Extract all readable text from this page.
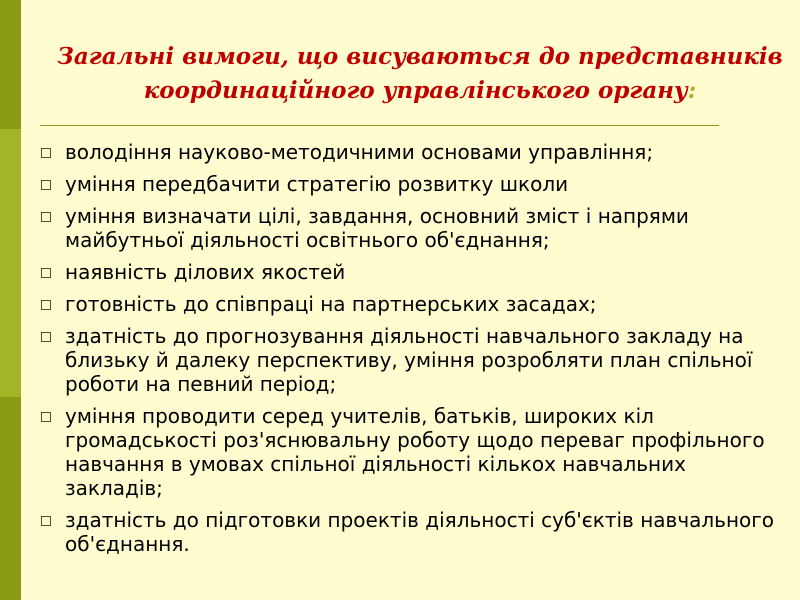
Загальні вимоги, що висуваються до представників координаційного управлінського органу:
володіння науково-методичними основами управління;
уміння передбачити стратегію розвитку школи
уміння визначати цілі, завдання, основний зміст і напрями майбутньої діяльності освітнього об'єднання;
наявність ділових якостей
готовність до співпраці на партнерських засадах;
здатність до прогнозування діяльності навчального закладу на близьку й далеку перспективу, уміння розробляти план спільної роботи на певний період;
уміння проводити серед учителів, батьків, широких кіл громадськості роз'яснювальну роботу щодо переваг профільного навчання в умовах спільної діяльності кількох навчальних закладів;
здатність до підготовки проектів діяльності суб'єктів навчального об'єднання.
